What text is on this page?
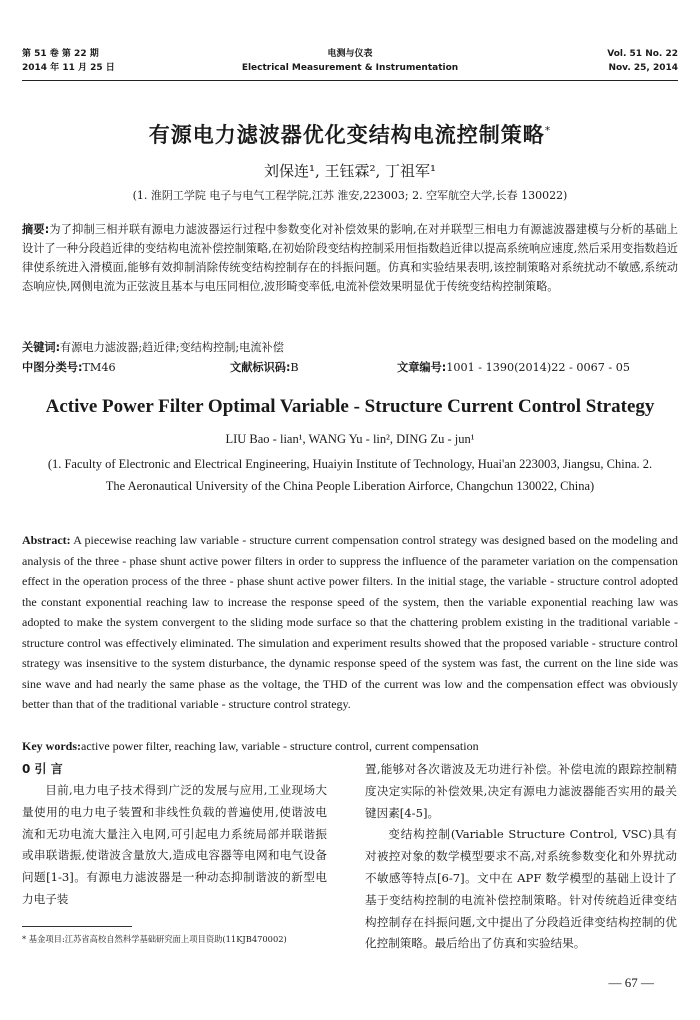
第 51 卷 第 22 期
2014 年 11 月 25 日
电测与仪表
Electrical Measurement & Instrumentation
Vol. 51 No. 22
Nov. 25, 2014
有源电力滤波器优化变结构电流控制策略*
刘保连¹, 王钰霖², 丁祖军¹
(1. 淮阴工学院 电子与电气工程学院,江苏 淮安,223003; 2. 空军航空大学,长春 130022)
摘要:为了抑制三相并联有源电力滤波器运行过程中参数变化对补偿效果的影响,在对并联型三相电力有源滤波器建模与分析的基础上设计了一种分段趋近律的变结构电流补偿控制策略,在初始阶段变结构控制采用恒指数趋近律以提高系统响应速度,然后采用变指数趋近律使系统进入滑模面,能够有效抑制消除传统变结构控制存在的抖振问题。仿真和实验结果表明,该控制策略对系统扰动不敏感,系统动态响应快,网侧电流为正弦波且基本与电压同相位,波形畸变率低,电流补偿效果明显优于传统变结构控制策略。
关键词:有源电力滤波器;趋近律;变结构控制;电流补偿
中图分类号: TM46	文献标识码: B	文章编号: 1001 - 1390(2014)22 - 0067 - 05
Active Power Filter Optimal Variable - Structure Current Control Strategy
LIU Bao - lian¹, WANG Yu - lin², DING Zu - jun¹
(1. Faculty of Electronic and Electrical Engineering, Huaiyin Institute of Technology, Huai'an 223003, Jiangsu, China. 2. The Aeronautical University of the China People Liberation Airforce, Changchun 130022, China)
Abstract: A piecewise reaching law variable - structure current compensation control strategy was designed based on the modeling and analysis of the three - phase shunt active power filters in order to suppress the influence of the parameter variation on the compensation effect in the operation process of the three - phase shunt active power filters. In the initial stage, the variable - structure control adopted the constant exponential reaching law to increase the response speed of the system, then the variable exponential reaching law was adopted to make the system convergent to the sliding mode surface so that the chattering problem existing in the traditional variable - structure control was effectively eliminated. The simulation and experiment results showed that the proposed variable - structure control strategy was insensitive to the system disturbance, the dynamic response speed of the system was fast, the current on the line side was sine wave and had nearly the same phase as the voltage, the THD of the current was low and the compensation effect was obviously better than that of the traditional variable - structure control strategy.
Key words:active power filter, reaching law, variable - structure control, current compensation
0 引 言
目前,电力电子技术得到广泛的发展与应用,工业现场大量使用的电力电子装置和非线性负载的普遍使用,使谐波电流和无功电流大量注入电网,可引起电力系统局部并联谐振或串联谐振,使谐波含量放大,造成电容器等电网和电气设备问题[1-3]。有源电力滤波器是一种动态抑制谐波的新型电力电子装
置,能够对各次谐波及无功进行补偿。补偿电流的跟踪控制精度决定实际的补偿效果,决定有源电力滤波器能否实用的最关键因素[4-5]。
变结构控制(Variable Structure Control, VSC)具有对被控对象的数学模型要求不高,对系统参数变化和外界扰动不敏感等特点[6-7]。文中在 APF 数学模型的基础上设计了基于变结构控制的电流补偿控制策略。针对传统趋近律变结构控制存在抖振问题,文中提出了分段趋近律变结构控制的优化控制策略。最后给出了仿真和实验结果。
* 基金项目:江苏省高校自然科学基础研究面上项目资助(11KJB470002)
— 67 —
